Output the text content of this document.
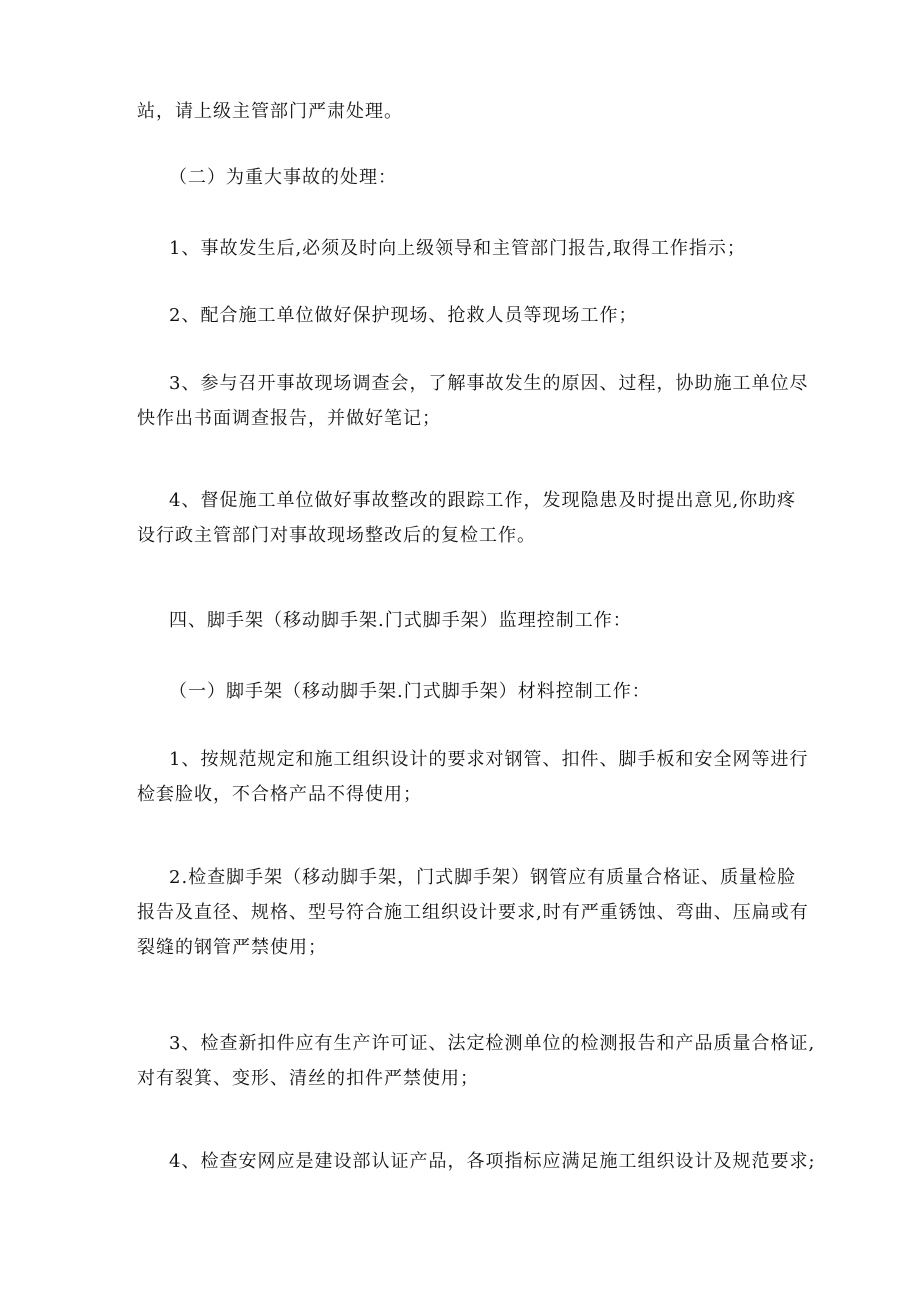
站，请上级主管部门严肃处理。

（二）为重大事故的处理：

1、事故发生后,必须及时向上级领导和主管部门报告,取得工作指示；

2、配合施工单位做好保护现场、抢救人员等现场工作；

3、参与召开事故现场调查会，了解事故发生的原因、过程，协助施工单位尽
快作出书面调查报告，并做好笔记；

4、督促施工单位做好事故整改的跟踪工作，发现隐患及时提出意见,你助疼
设行政主管部门对事故现场整改后的复检工作。

四、脚手架（移动脚手架.门式脚手架）监理控制工作：

（一）脚手架（移动脚手架.门式脚手架）材料控制工作：

1、按规范规定和施工组织设计的要求对钢管、扣件、脚手板和安全网等进行
检套脸收，不合格产品不得使用；

2.检查脚手架（移动脚手架，门式脚手架）钢管应有质量合格证、质量检脸
报告及直径、规格、型号符合施工组织设计要求,时有严重锈蚀、弯曲、压扁或有
裂缝的钢管严禁使用；

3、检查新扣件应有生产许可证、法定检测单位的检测报告和产品质量合格证,
对有裂箕、变形、清丝的扣件严禁使用；

4、检查安网应是建设部认证产品，各项指标应满足施工组织设计及规范要求;
